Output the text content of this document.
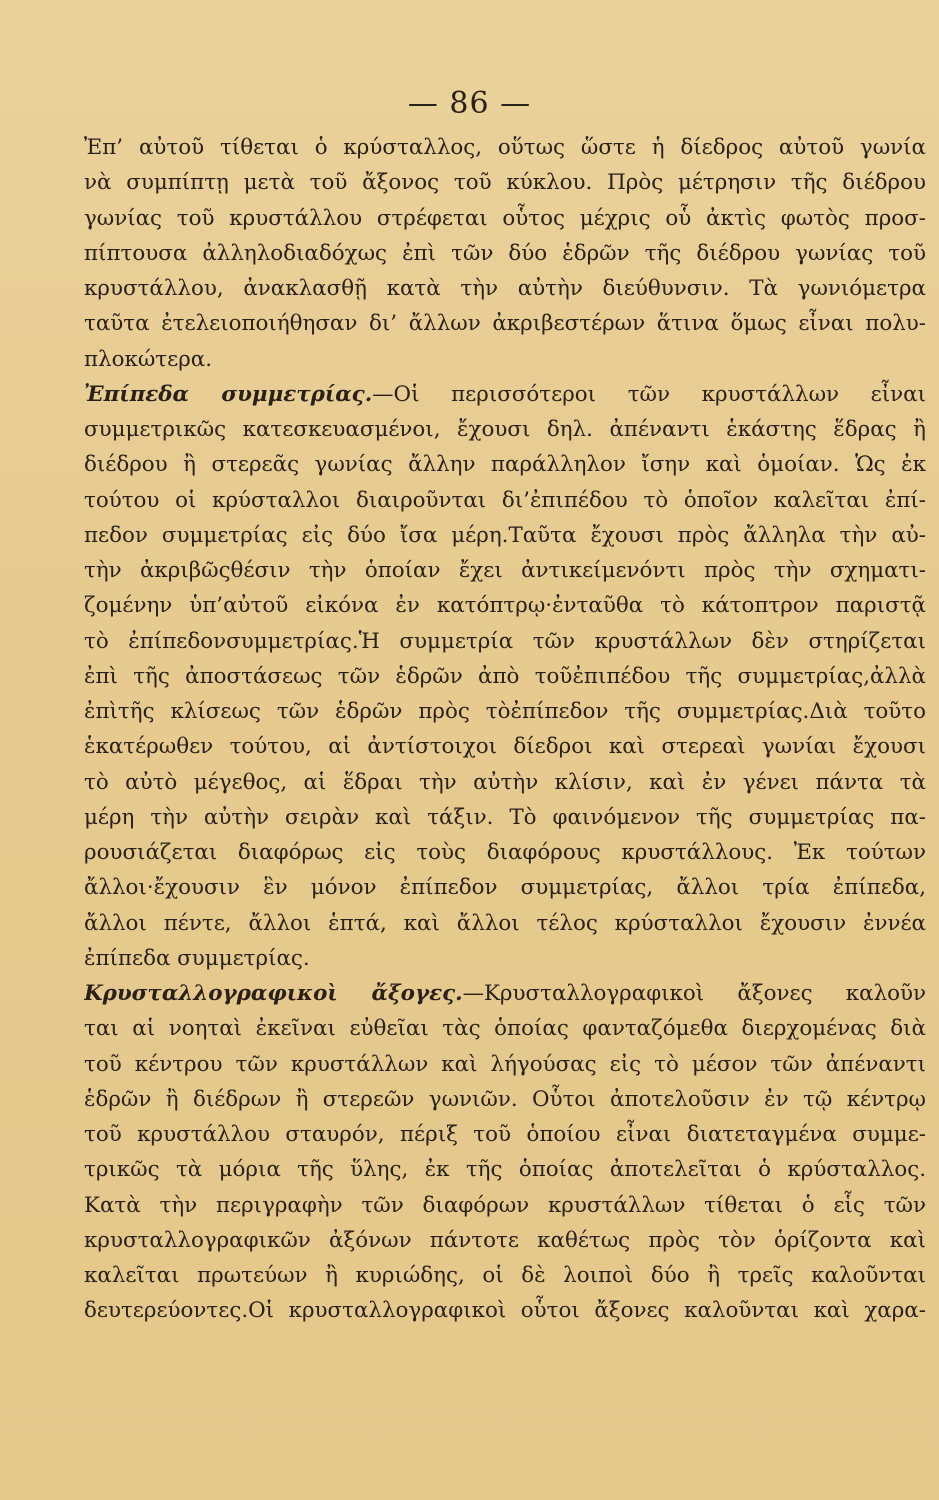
— 86 —
Ἐπ’ αὐτοῦ τίθεται ὁ κρύσταλλος, οὕτως ὥστε ἡ δίεδρος αὐτοῦ γωνία
νὰ συμπίπτῃ μετὰ τοῦ ἄξονος τοῦ κύκλου. Πρὸς μέτρησιν τῆς διέδρου
γωνίας τοῦ κρυστάλλου στρέφεται οὗτος μέχρις οὗ ἀκτὶς φωτὸς προσ-
πίπτουσα ἀλληλοδιαδόχως ἐπὶ τῶν δύο ἑδρῶν τῆς διέδρου γωνίας τοῦ
κρυστάλλου, ἀνακλασθῇ κατὰ τὴν αὐτὴν διεύθυνσιν. Τὰ γωνιόμετρα
ταῦτα ἐτελειοποιήθησαν δι’ ἄλλων ἀκριβεστέρων ἅτινα ὅμως εἶναι πολυ-
πλοκώτερα.
Ἐπίπεδα συμμετρίας.—Οἱ περισσότεροι τῶν κρυστάλλων εἶναι
συμμετρικῶς κατεσκευασμένοι, ἔχουσι δηλ. ἀπέναντι ἑκάστης ἕδρας ἢ
διέδρου ἢ στερεᾶς γωνίας ἄλλην παράλληλον ἴσην καὶ ὁμοίαν. Ὡς ἐκ
τούτου οἱ κρύσταλλοι διαιροῦνται δι’ἐπιπέδου τὸ ὁποῖον καλεῖται ἐπί-
πεδον συμμετρίας εἰς δύο ἴσα μέρη.Ταῦτα ἔχουσι πρὸς ἄλληλα τὴν αὐ-
τὴν ἀκριβῶςθέσιν τὴν ὁποίαν ἔχει ἀντικείμενόντι πρὸς τὴν σχηματι-
ζομένην ὑπ’αὐτοῦ εἰκόνα ἐν κατόπτρῳ·ἐνταῦθα τὸ κάτοπτρον παριστᾷ
τὸ ἐπίπεδονσυμμετρίας.Ἡ συμμετρία τῶν κρυστάλλων δὲν στηρίζεται
ἐπὶ τῆς ἀποστάσεως τῶν ἑδρῶν ἀπὸ τοῦἐπιπέδου τῆς συμμετρίας,ἀλλὰ
ἐπὶτῆς κλίσεως τῶν ἑδρῶν πρὸς τὸἐπίπεδον τῆς συμμετρίας.Διὰ τοῦτο
ἑκατέρωθεν τούτου, αἱ ἀντίστοιχοι δίεδροι καὶ στερεαὶ γωνίαι ἔχουσι
τὸ αὐτὸ μέγεθος, αἱ ἕδραι τὴν αὐτὴν κλίσιν, καὶ ἐν γένει πάντα τὰ
μέρη τὴν αὐτὴν σειρὰν καὶ τάξιν. Τὸ φαινόμενον τῆς συμμετρίας πα-
ρουσιάζεται διαφόρως εἰς τοὺς διαφόρους κρυστάλλους. Ἐκ τούτων
ἄλλοι·ἔχουσιν ἓν μόνον ἐπίπεδον συμμετρίας, ἄλλοι τρία ἐπίπεδα,
ἄλλοι πέντε, ἄλλοι ἑπτά, καὶ ἄλλοι τέλος κρύσταλλοι ἔχουσιν ἐννέα
ἐπίπεδα συμμετρίας.
Κρυσταλλογραφικοὶ ἄξογες.—Κρυσταλλογραφικοὶ ἄξονες καλοῦν
ται αἱ νοηταὶ ἐκεῖναι εὐθεῖαι τὰς ὁποίας φανταζόμεθα διερχομένας διὰ
τοῦ κέντρου τῶν κρυστάλλων καὶ λήγούσας εἰς τὸ μέσον τῶν ἀπέναντι
ἑδρῶν ἢ διέδρων ἢ στερεῶν γωνιῶν. Οὗτοι ἀποτελοῦσιν ἐν τῷ κέντρῳ
τοῦ κρυστάλλου σταυρόν, πέριξ τοῦ ὁποίου εἶναι διατεταγμένα συμμε-
τρικῶς τὰ μόρια τῆς ὕλης, ἐκ τῆς ὁποίας ἀποτελεῖται ὁ κρύσταλλος.
Κατὰ τὴν περιγραφὴν τῶν διαφόρων κρυστάλλων τίθεται ὁ εἷς τῶν
κρυσταλλογραφικῶν ἀξόνων πάντοτε καθέτως πρὸς τὸν ὁρίζοντα καὶ
καλεῖται πρωτεύων ἢ κυριώδης, οἱ δὲ λοιποὶ δύο ἢ τρεῖς καλοῦνται
δευτερεύοντες.Οἱ κρυσταλλογραφικοὶ οὗτοι ἄξονες καλοῦνται καὶ χαρα-
